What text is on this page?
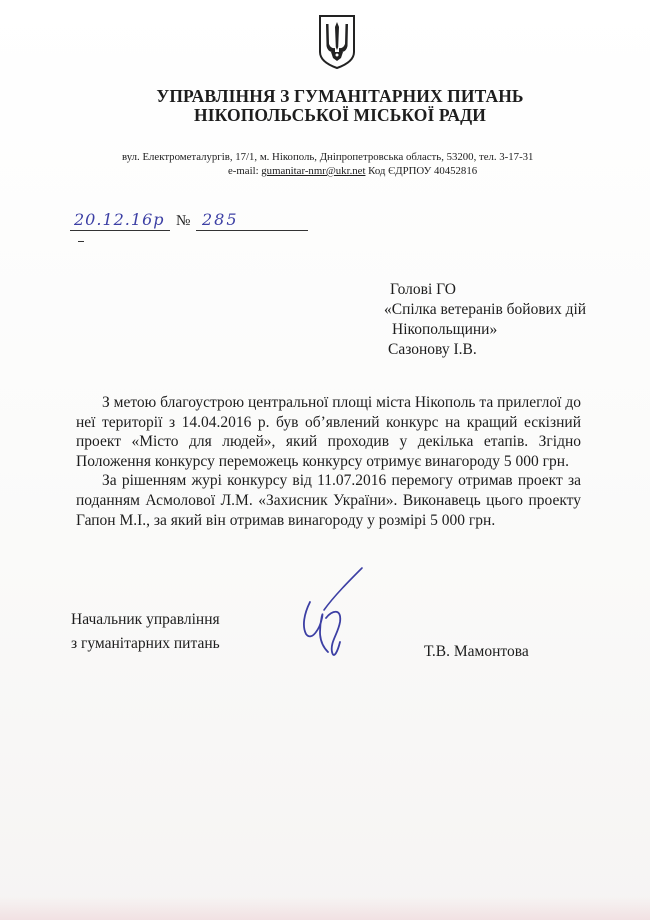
УПРАВЛІННЯ З ГУМАНІТАРНИХ ПИТАНЬ

НІКОПОЛЬСЬКОЇ МІСЬКОЇ РАДИ

вул. Електрометалургів, 17/1, м. Нікополь, Дніпропетровська область, 53200, тел. 3-17-31

e-mail: gumanitar-nmr@ukr.net Код ЄДРПОУ 40452816

20.12.16р № 285
Голові ГО
«Спілка ветеранів бойових дій
Нікопольщини»
Сазонову І.В.

З метою благоустрою центральної площі міста Нікополь та прилеглої до неї території з 14.04.2016 р. був об’явлений конкурс на кращий ескізний проект «Місто для людей», який проходив у декілька етапів. Згідно Положення конкурсу переможець конкурсу отримує винагороду 5 000 грн.

За рішенням журі конкурсу від 11.07.2016 перемогу отримав проект за поданням Асмолової Л.М. «Захисник України». Виконавець цього проекту Гапон М.І., за який він отримав винагороду у розмірі 5 000 грн.

Начальник управління
з гуманітарних питань	Т.В. Мамонтова
